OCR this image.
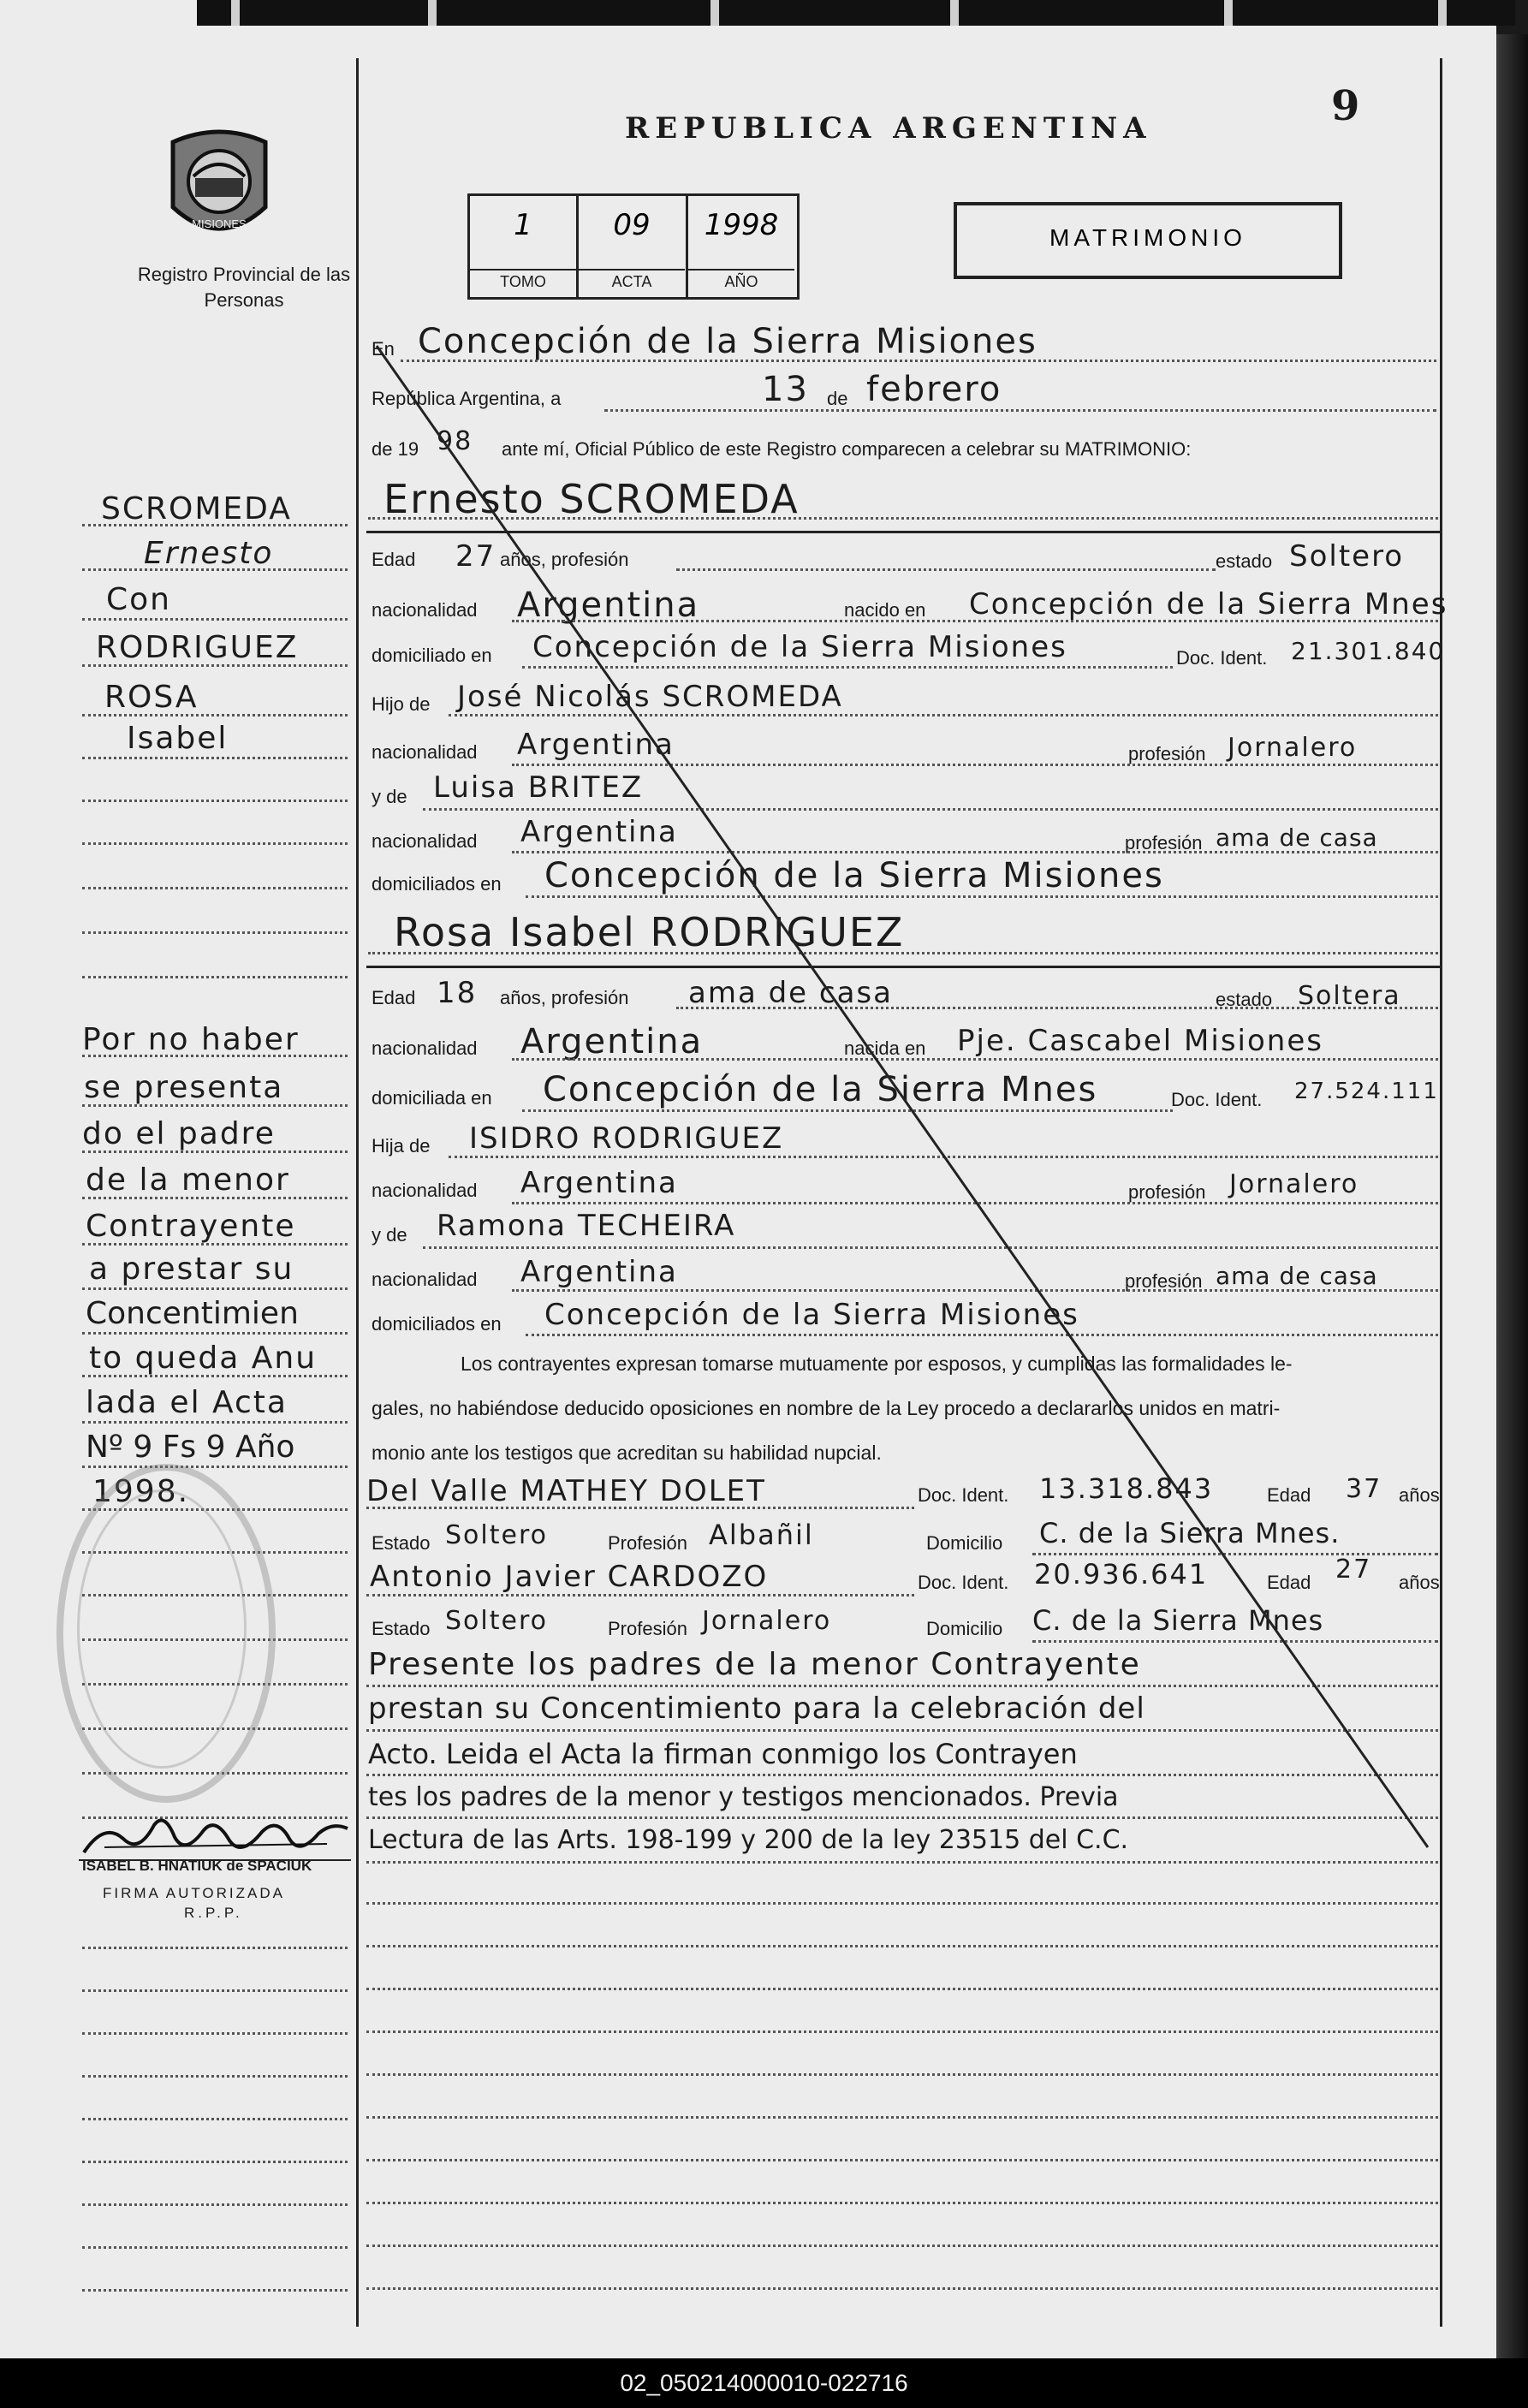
02_050214000010-022716
REPUBLICA ARGENTINA	9
MISIONES
Registro Provincial de las Personas
1
TOMO
09
ACTA
1998
AÑO
MATRIMONIO
En Concepción de la Sierra Misiones
República Argentina, a	13 de febrero
de 19 98 ante mí, Oficial Público de este Registro comparecen a celebrar su MATRIMONIO:
Ernesto SCROMEDA
Edad 27 años, profesión	estado Soltero
nacionalidad Argentina	nacido en Concepción de la Sierra Mnes
domiciliado en Concepción de la Sierra Misiones	Doc. Ident. 21.301.840
Hijo de José Nicolás SCROMEDA
nacionalidad Argentina	profesión Jornalero
y de Luisa BRITEZ
nacionalidad Argentina	profesión ama de casa
domiciliados en Concepción de la Sierra Misiones
Rosa Isabel RODRIGUEZ
Edad 18 años, profesión ama de casa	estado Soltera
nacionalidad Argentina	nacida en Pje. Cascabel Misiones
domiciliada en Concepción de la Sierra Mnes	Doc. Ident. 27.524.111
Hija de ISIDRO RODRIGUEZ
nacionalidad Argentina	profesión Jornalero
y de Ramona TECHEIRA
nacionalidad Argentina	profesión ama de casa
domiciliados en Concepción de la Sierra Misiones
Los contrayentes expresan tomarse mutuamente por esposos, y cumplidas las formalidades le-
gales, no habiéndose deducido oposiciones en nombre de la Ley procedo a declararlos unidos en matri-
monio ante los testigos que acreditan su habilidad nupcial.
Del Valle MATHEY DOLET	Doc. Ident. 13.318.843	Edad 37 años
Estado Soltero	Profesión Albañil	Domicilio C. de la Sierra Mnes.
Antonio Javier CARDOZO	Doc. Ident. 20.936.641	Edad 27 años
Estado Soltero	Profesión Jornalero	Domicilio C. de la Sierra Mnes
Presente los padres de la menor Contrayente
prestan su Concentimiento para la celebración del
Acto. Leida el Acta la firman conmigo los Contrayen
tes los padres de la menor y testigos mencionados. Previa
Lectura de las Arts. 198-199 y 200 de la ley 23515 del C.C.
SCROMEDA
Ernesto
Con
RODRIGUEZ
ROSA
Isabel
Por no haber
se presenta
do el padre
de la menor
Contrayente
a prestar su
Concentimien
to queda Anu
lada el Acta
Nº 9 Fs 9 Año
1998.
ISABEL B. HNATIUK de SPACIUK
FIRMA AUTORIZADA
R.P.P.
